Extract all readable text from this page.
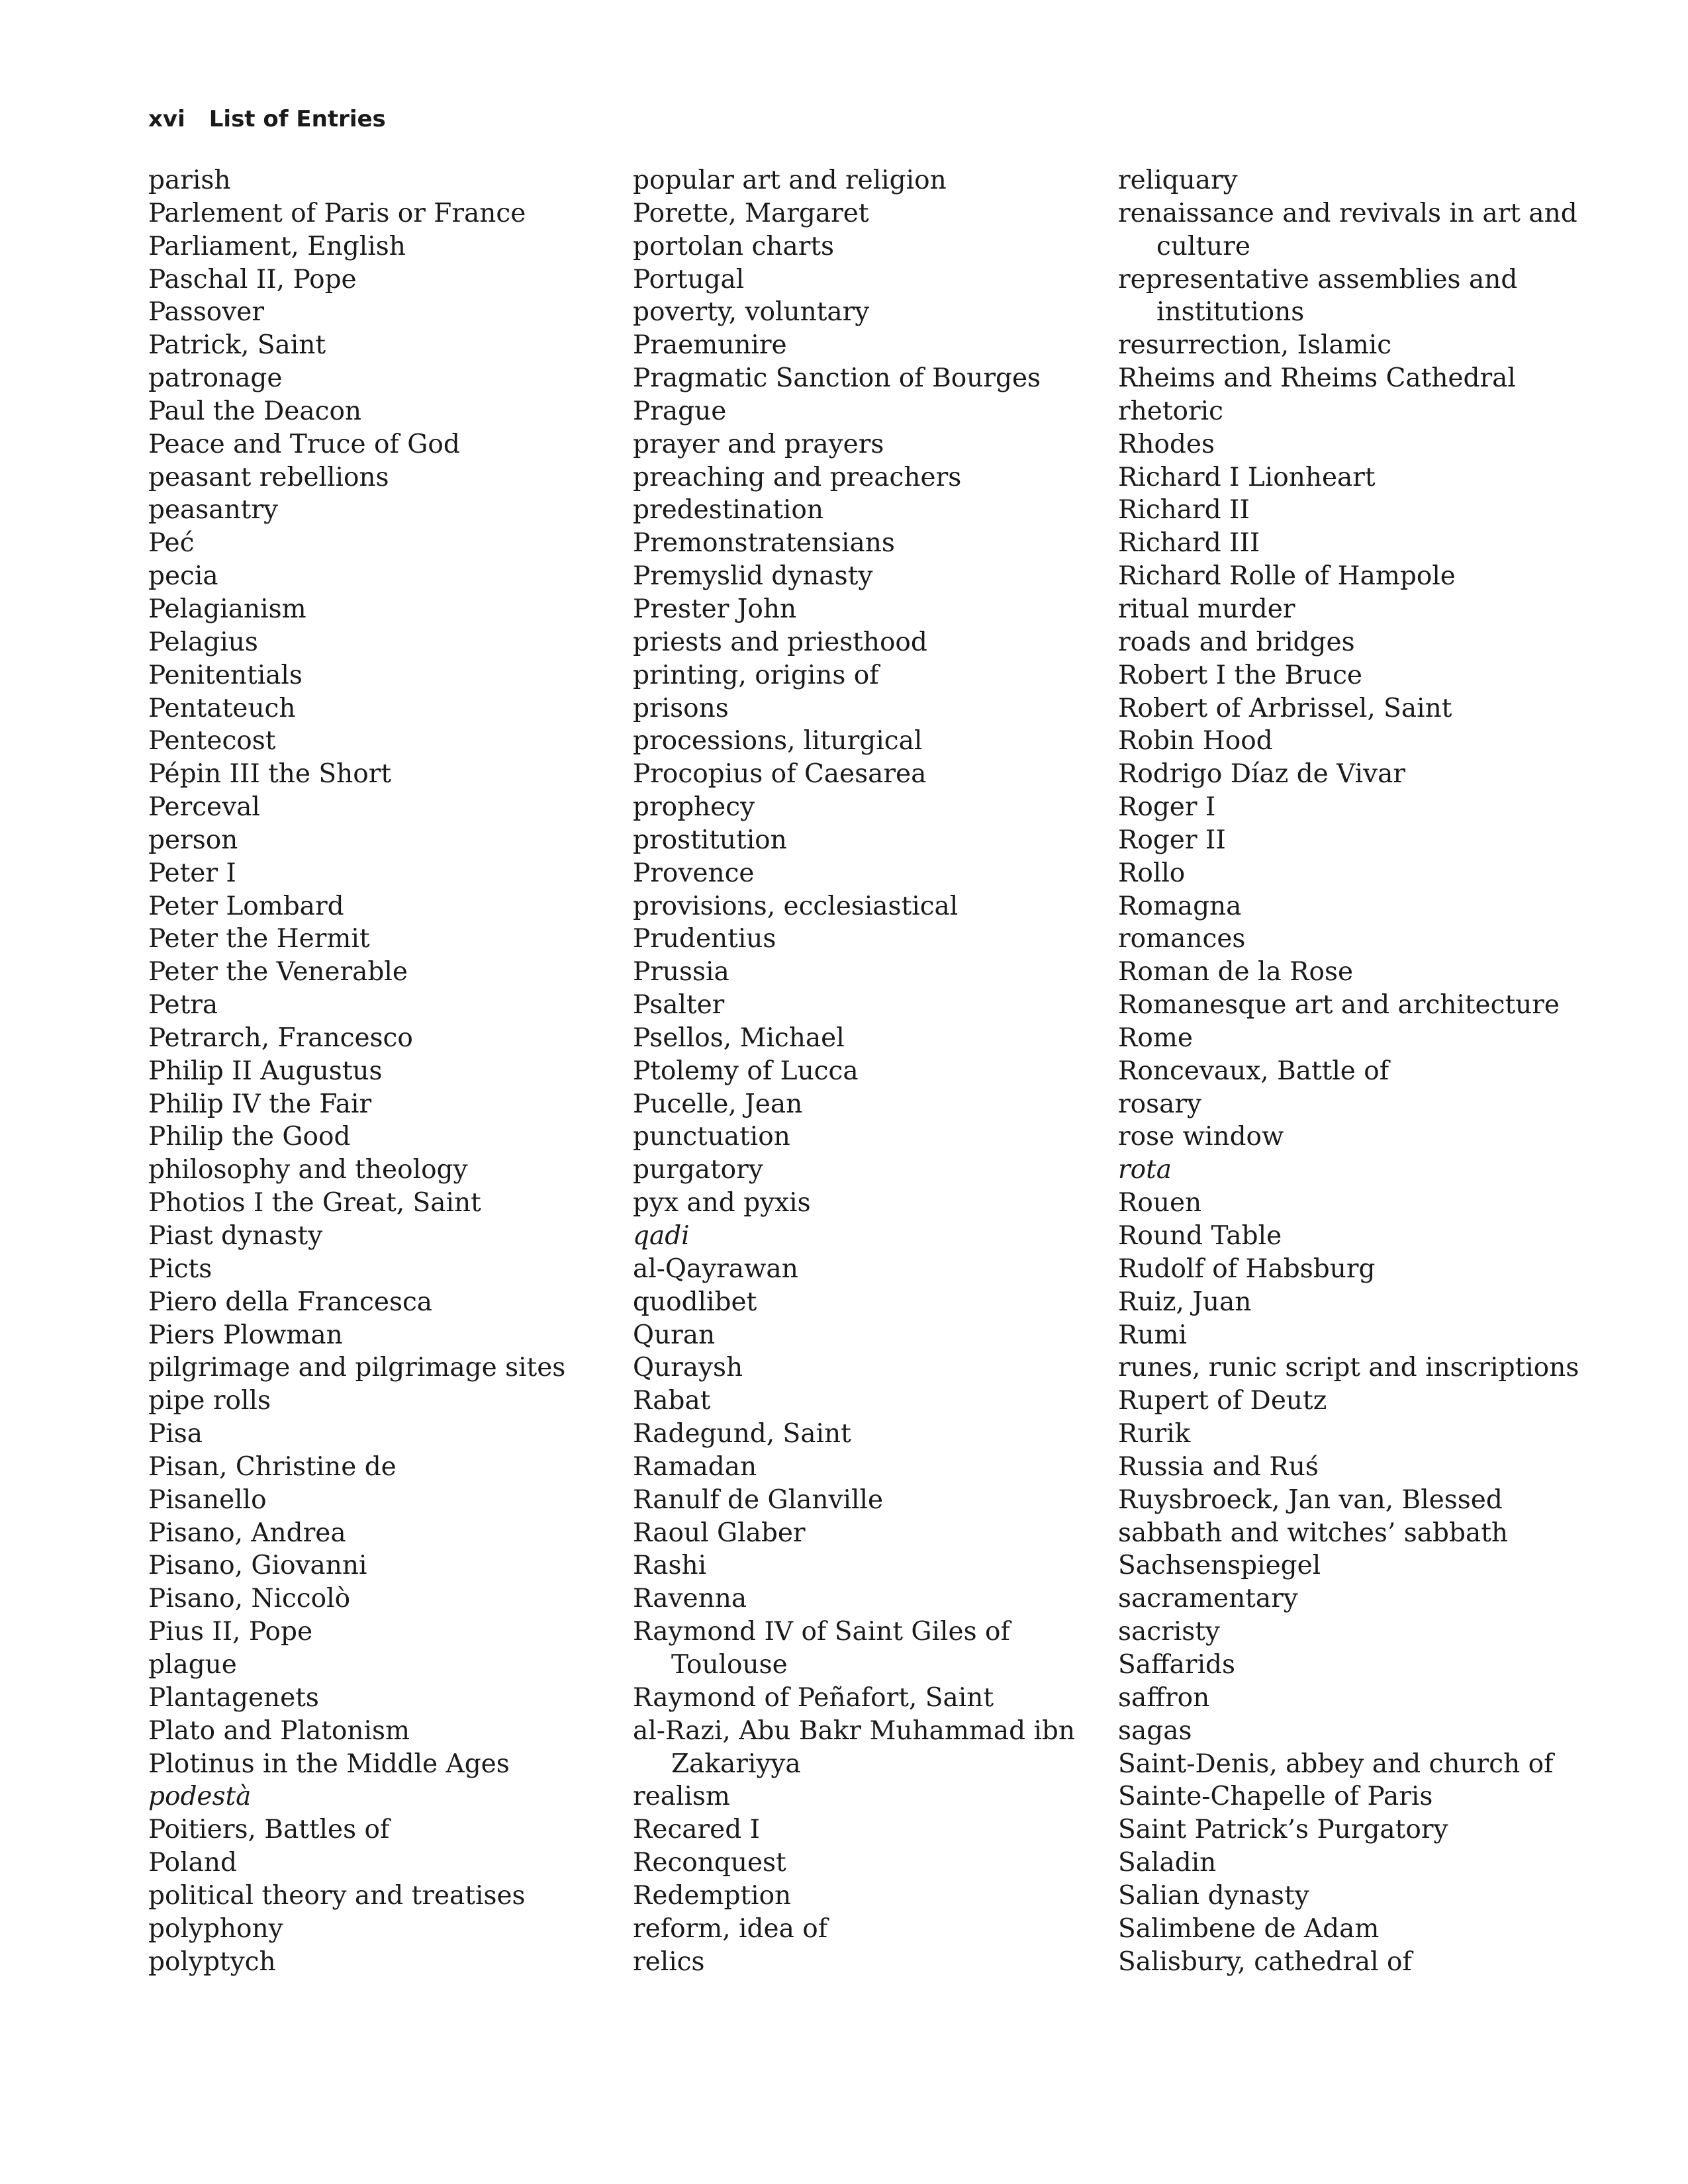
xvi List of Entries
parish
Parlement of Paris or France
Parliament, English
Paschal II, Pope
Passover
Patrick, Saint
patronage
Paul the Deacon
Peace and Truce of God
peasant rebellions
peasantry
Peć
pecia
Pelagianism
Pelagius
Penitentials
Pentateuch
Pentecost
Pépin III the Short
Perceval
person
Peter I
Peter Lombard
Peter the Hermit
Peter the Venerable
Petra
Petrarch, Francesco
Philip II Augustus
Philip IV the Fair
Philip the Good
philosophy and theology
Photios I the Great, Saint
Piast dynasty
Picts
Piero della Francesca
Piers Plowman
pilgrimage and pilgrimage sites
pipe rolls
Pisa
Pisan, Christine de
Pisanello
Pisano, Andrea
Pisano, Giovanni
Pisano, Niccolò
Pius II, Pope
plague
Plantagenets
Plato and Platonism
Plotinus in the Middle Ages
podestà
Poitiers, Battles of
Poland
political theory and treatises
polyphony
polyptych
popular art and religion
Porette, Margaret
portolan charts
Portugal
poverty, voluntary
Praemunire
Pragmatic Sanction of Bourges
Prague
prayer and prayers
preaching and preachers
predestination
Premonstratensians
Premyslid dynasty
Prester John
priests and priesthood
printing, origins of
prisons
processions, liturgical
Procopius of Caesarea
prophecy
prostitution
Provence
provisions, ecclesiastical
Prudentius
Prussia
Psalter
Psellos, Michael
Ptolemy of Lucca
Pucelle, Jean
punctuation
purgatory
pyx and pyxis
qadi
al-Qayrawan
quodlibet
Quran
Quraysh
Rabat
Radegund, Saint
Ramadan
Ranulf de Glanville
Raoul Glaber
Rashi
Ravenna
Raymond IV of Saint Giles of Toulouse
Raymond of Peñafort, Saint
al-Razi, Abu Bakr Muhammad ibn Zakariyya
realism
Recared I
Reconquest
Redemption
reform, idea of
relics
reliquary
renaissance and revivals in art and culture
representative assemblies and institutions
resurrection, Islamic
Rheims and Rheims Cathedral
rhetoric
Rhodes
Richard I Lionheart
Richard II
Richard III
Richard Rolle of Hampole
ritual murder
roads and bridges
Robert I the Bruce
Robert of Arbrissel, Saint
Robin Hood
Rodrigo Díaz de Vivar
Roger I
Roger II
Rollo
Romagna
romances
Roman de la Rose
Romanesque art and architecture
Rome
Roncevaux, Battle of
rosary
rose window
rota
Rouen
Round Table
Rudolf of Habsburg
Ruiz, Juan
Rumi
runes, runic script and inscriptions
Rupert of Deutz
Rurik
Russia and Ruś
Ruysbroeck, Jan van, Blessed
sabbath and witches’ sabbath
Sachsenspiegel
sacramentary
sacristy
Saffarids
saffron
sagas
Saint-Denis, abbey and church of
Sainte-Chapelle of Paris
Saint Patrick’s Purgatory
Saladin
Salian dynasty
Salimbene de Adam
Salisbury, cathedral of
